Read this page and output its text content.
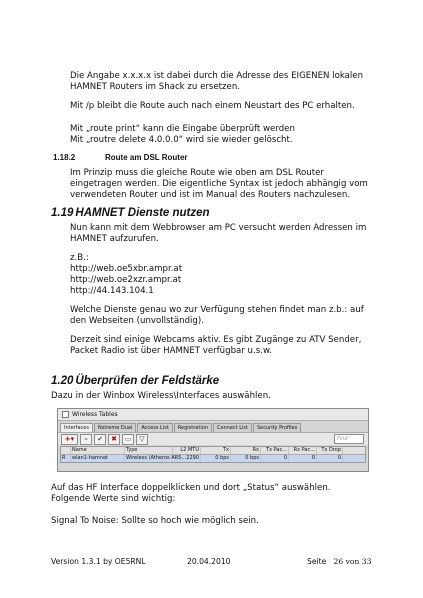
Die Angabe x.x.x.x ist dabei durch die Adresse des EIGENEN lokalen
HAMNET Routers im Shack zu ersetzen.
Mit /p bleibt die Route auch nach einem Neustart des PC erhalten.
Mit „route print“ kann die Eingabe überprüft werden
Mit „routre delete 4.0.0.0“ wird sie wieder gelöscht.
1.18.2	Route am DSL Router
Im Prinzip muss die gleiche Route wie oben am DSL Router
eingetragen werden. Die eigentliche Syntax ist jedoch abhängig vom
verwendeten Router und ist im Manual des Routers nachzulesen.
1.19 HAMNET Dienste nutzen
Nun kann mit dem Webbrowser am PC versucht werden Adressen im
HAMNET aufzurufen.
z.B.:
http://web.oe5xbr.ampr.at
http://web.oe2xzr.ampr.at
http://44.143.104.1
Welche Dienste genau wo zur Verfügung stehen findet man z.b.: auf
den Webseiten (unvollständig).
Derzeit sind einige Webcams aktiv. Es gibt Zugänge zu ATV Sender,
Packet Radio ist über HAMNET verfügbar u.s.w.
1.20 Überprüfen der Feldstärke
Dazu in der Winbox Wireless\Interfaces auswählen.
Wireless Tables
Interfaces	Nstreme Dual	Access List	Registration	Connect List	Security Profiles
+▾	–	✔	✖	▭	▽	Find
Name	Type	L2 MTU	Tx	Rx	Tx Pac...	Rx Pac...	Tx Drop
R	wlan1-hamnet	Wireless (Atheros AR5... 2290	0 bps	0 bps	0	0	0
Auf das HF Interface doppelklicken und dort „Status“ auswählen.
Folgende Werte sind wichtig:
Signal To Noise: Sollte so hoch wie möglich sein.
Version 1.3.1 by OE5RNL	20.04.2010	Seite 26 von 33
